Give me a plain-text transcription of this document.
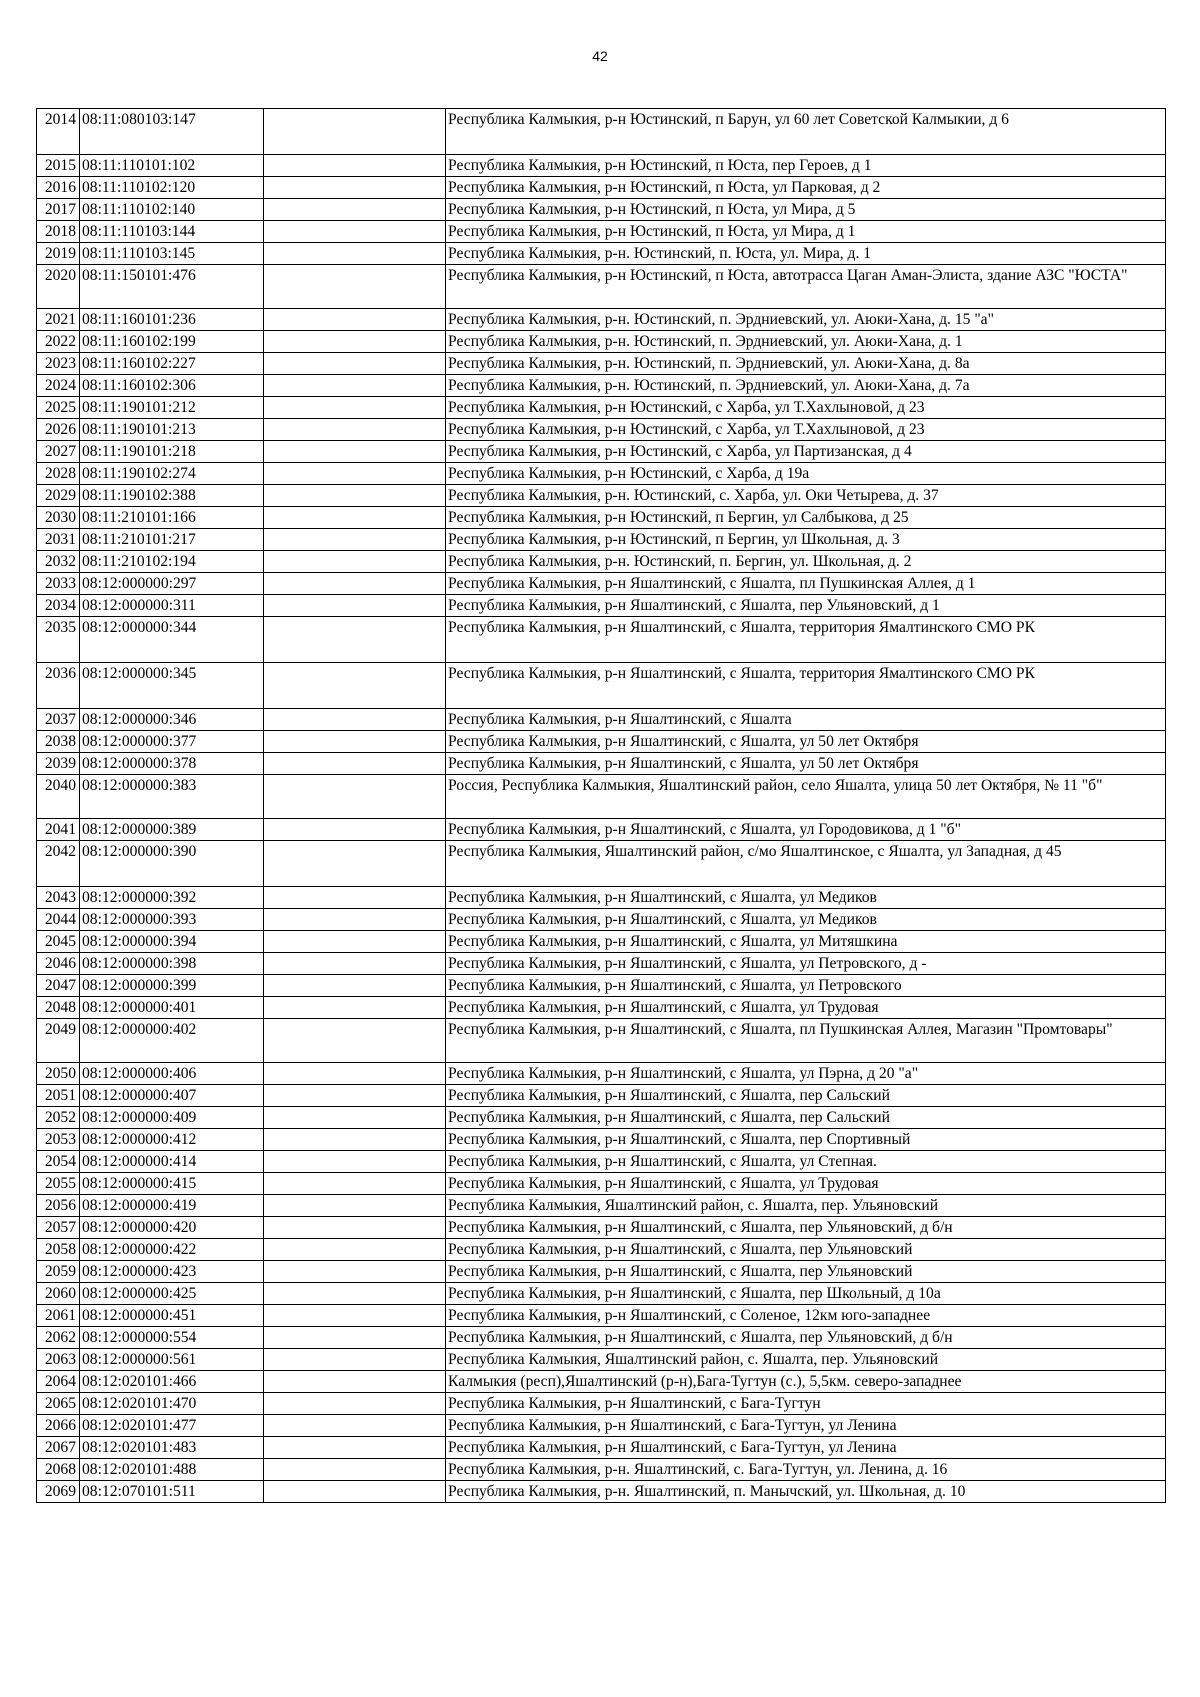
42
2014	08:11:080103:147		Республика Калмыкия, р-н Юстинский, п Барун, ул 60 лет Советской Калмыкии, д 6
2015	08:11:110101:102		Республика Калмыкия, р-н Юстинский, п Юста, пер Героев, д 1
2016	08:11:110102:120		Республика Калмыкия, р-н Юстинский, п Юста, ул Парковая, д 2
2017	08:11:110102:140		Республика Калмыкия, р-н Юстинский, п Юста, ул Мира, д 5
2018	08:11:110103:144		Республика Калмыкия, р-н Юстинский, п Юста, ул Мира, д 1
2019	08:11:110103:145		Республика Калмыкия, р-н. Юстинский, п. Юста, ул. Мира, д. 1
2020	08:11:150101:476		Республика Калмыкия, р-н Юстинский, п Юста, автотрасса Цаган Аман-Элиста, здание АЗС "ЮСТА"
2021	08:11:160101:236		Республика Калмыкия, р-н. Юстинский, п. Эрдниевский, ул. Аюки-Хана, д. 15 "а"
2022	08:11:160102:199		Республика Калмыкия, р-н. Юстинский, п. Эрдниевский, ул. Аюки-Хана, д. 1
2023	08:11:160102:227		Республика Калмыкия, р-н. Юстинский, п. Эрдниевский, ул. Аюки-Хана, д. 8а
2024	08:11:160102:306		Республика Калмыкия, р-н. Юстинский, п. Эрдниевский, ул. Аюки-Хана, д. 7а
2025	08:11:190101:212		Республика Калмыкия, р-н Юстинский, с Харба, ул Т.Хахлыновой, д 23
2026	08:11:190101:213		Республика Калмыкия, р-н Юстинский, с Харба, ул Т.Хахлыновой, д 23
2027	08:11:190101:218		Республика Калмыкия, р-н Юстинский, с Харба, ул Партизанская, д 4
2028	08:11:190102:274		Республика Калмыкия, р-н Юстинский, с Харба, д 19а
2029	08:11:190102:388		Республика Калмыкия, р-н. Юстинский, с. Харба, ул. Оки Четырева, д. 37
2030	08:11:210101:166		Республика Калмыкия, р-н Юстинский, п Бергин, ул Салбыкова, д 25
2031	08:11:210101:217		Республика Калмыкия, р-н Юстинский, п Бергин, ул Школьная, д. 3
2032	08:11:210102:194		Республика Калмыкия, р-н. Юстинский, п. Бергин, ул. Школьная, д. 2
2033	08:12:000000:297		Республика Калмыкия, р-н Яшалтинский, с Яшалта, пл Пушкинская Аллея, д 1
2034	08:12:000000:311		Республика Калмыкия, р-н Яшалтинский, с Яшалта, пер Ульяновский, д 1
2035	08:12:000000:344		Республика Калмыкия, р-н Яшалтинский, с Яшалта, территория Ямалтинского СМО РК
2036	08:12:000000:345		Республика Калмыкия, р-н Яшалтинский, с Яшалта, территория Ямалтинского СМО РК
2037	08:12:000000:346		Республика Калмыкия, р-н Яшалтинский, с Яшалта
2038	08:12:000000:377		Республика Калмыкия, р-н Яшалтинский, с Яшалта, ул 50 лет Октября
2039	08:12:000000:378		Республика Калмыкия, р-н Яшалтинский, с Яшалта, ул 50 лет Октября
2040	08:12:000000:383		Россия, Республика Калмыкия, Яшалтинский район, село Яшалта, улица 50 лет Октября, № 11 "б"
2041	08:12:000000:389		Республика Калмыкия, р-н Яшалтинский, с Яшалта, ул Городовикова, д 1 "б"
2042	08:12:000000:390		Республика Калмыкия, Яшалтинский район, с/мо Яшалтинское, с Яшалта, ул Западная, д 45
2043	08:12:000000:392		Республика Калмыкия, р-н Яшалтинский, с Яшалта, ул Медиков
2044	08:12:000000:393		Республика Калмыкия, р-н Яшалтинский, с Яшалта, ул Медиков
2045	08:12:000000:394		Республика Калмыкия, р-н Яшалтинский, с Яшалта, ул Митяшкина
2046	08:12:000000:398		Республика Калмыкия, р-н Яшалтинский, с Яшалта, ул Петровского, д -
2047	08:12:000000:399		Республика Калмыкия, р-н Яшалтинский, с Яшалта, ул Петровского
2048	08:12:000000:401		Республика Калмыкия, р-н Яшалтинский, с Яшалта, ул Трудовая
2049	08:12:000000:402		Республика Калмыкия, р-н Яшалтинский, с Яшалта, пл Пушкинская Аллея, Магазин "Промтовары"
2050	08:12:000000:406		Республика Калмыкия, р-н Яшалтинский, с Яшалта, ул Пэрна, д 20 "а"
2051	08:12:000000:407		Республика Калмыкия, р-н Яшалтинский, с Яшалта, пер Сальский
2052	08:12:000000:409		Республика Калмыкия, р-н Яшалтинский, с Яшалта, пер Сальский
2053	08:12:000000:412		Республика Калмыкия, р-н Яшалтинский, с Яшалта, пер Спортивный
2054	08:12:000000:414		Республика Калмыкия, р-н Яшалтинский, с Яшалта, ул Степная.
2055	08:12:000000:415		Республика Калмыкия, р-н Яшалтинский, с Яшалта, ул Трудовая
2056	08:12:000000:419		Республика Калмыкия, Яшалтинский район, с. Яшалта, пер. Ульяновский
2057	08:12:000000:420		Республика Калмыкия, р-н Яшалтинский, с Яшалта, пер Ульяновский, д б/н
2058	08:12:000000:422		Республика Калмыкия, р-н Яшалтинский, с Яшалта, пер Ульяновский
2059	08:12:000000:423		Республика Калмыкия, р-н Яшалтинский, с Яшалта, пер Ульяновский
2060	08:12:000000:425		Республика Калмыкия, р-н Яшалтинский, с Яшалта, пер Школьный, д 10а
2061	08:12:000000:451		Республика Калмыкия, р-н Яшалтинский, с Соленое, 12км юго-западнее
2062	08:12:000000:554		Республика Калмыкия, р-н Яшалтинский, с Яшалта, пер Ульяновский, д б/н
2063	08:12:000000:561		Республика Калмыкия, Яшалтинский район, с. Яшалта, пер. Ульяновский
2064	08:12:020101:466		Калмыкия (респ),Яшалтинский (р-н),Бага-Тугтун (с.), 5,5км. северо-западнее
2065	08:12:020101:470		Республика Калмыкия, р-н Яшалтинский, с Бага-Тугтун
2066	08:12:020101:477		Республика Калмыкия, р-н Яшалтинский, с Бага-Тугтун, ул Ленина
2067	08:12:020101:483		Республика Калмыкия, р-н Яшалтинский, с Бага-Тугтун, ул Ленина
2068	08:12:020101:488		Республика Калмыкия, р-н. Яшалтинский, с. Бага-Тугтун, ул. Ленина, д. 16
2069	08:12:070101:511		Республика Калмыкия, р-н. Яшалтинский, п. Манычский, ул. Школьная, д. 10
